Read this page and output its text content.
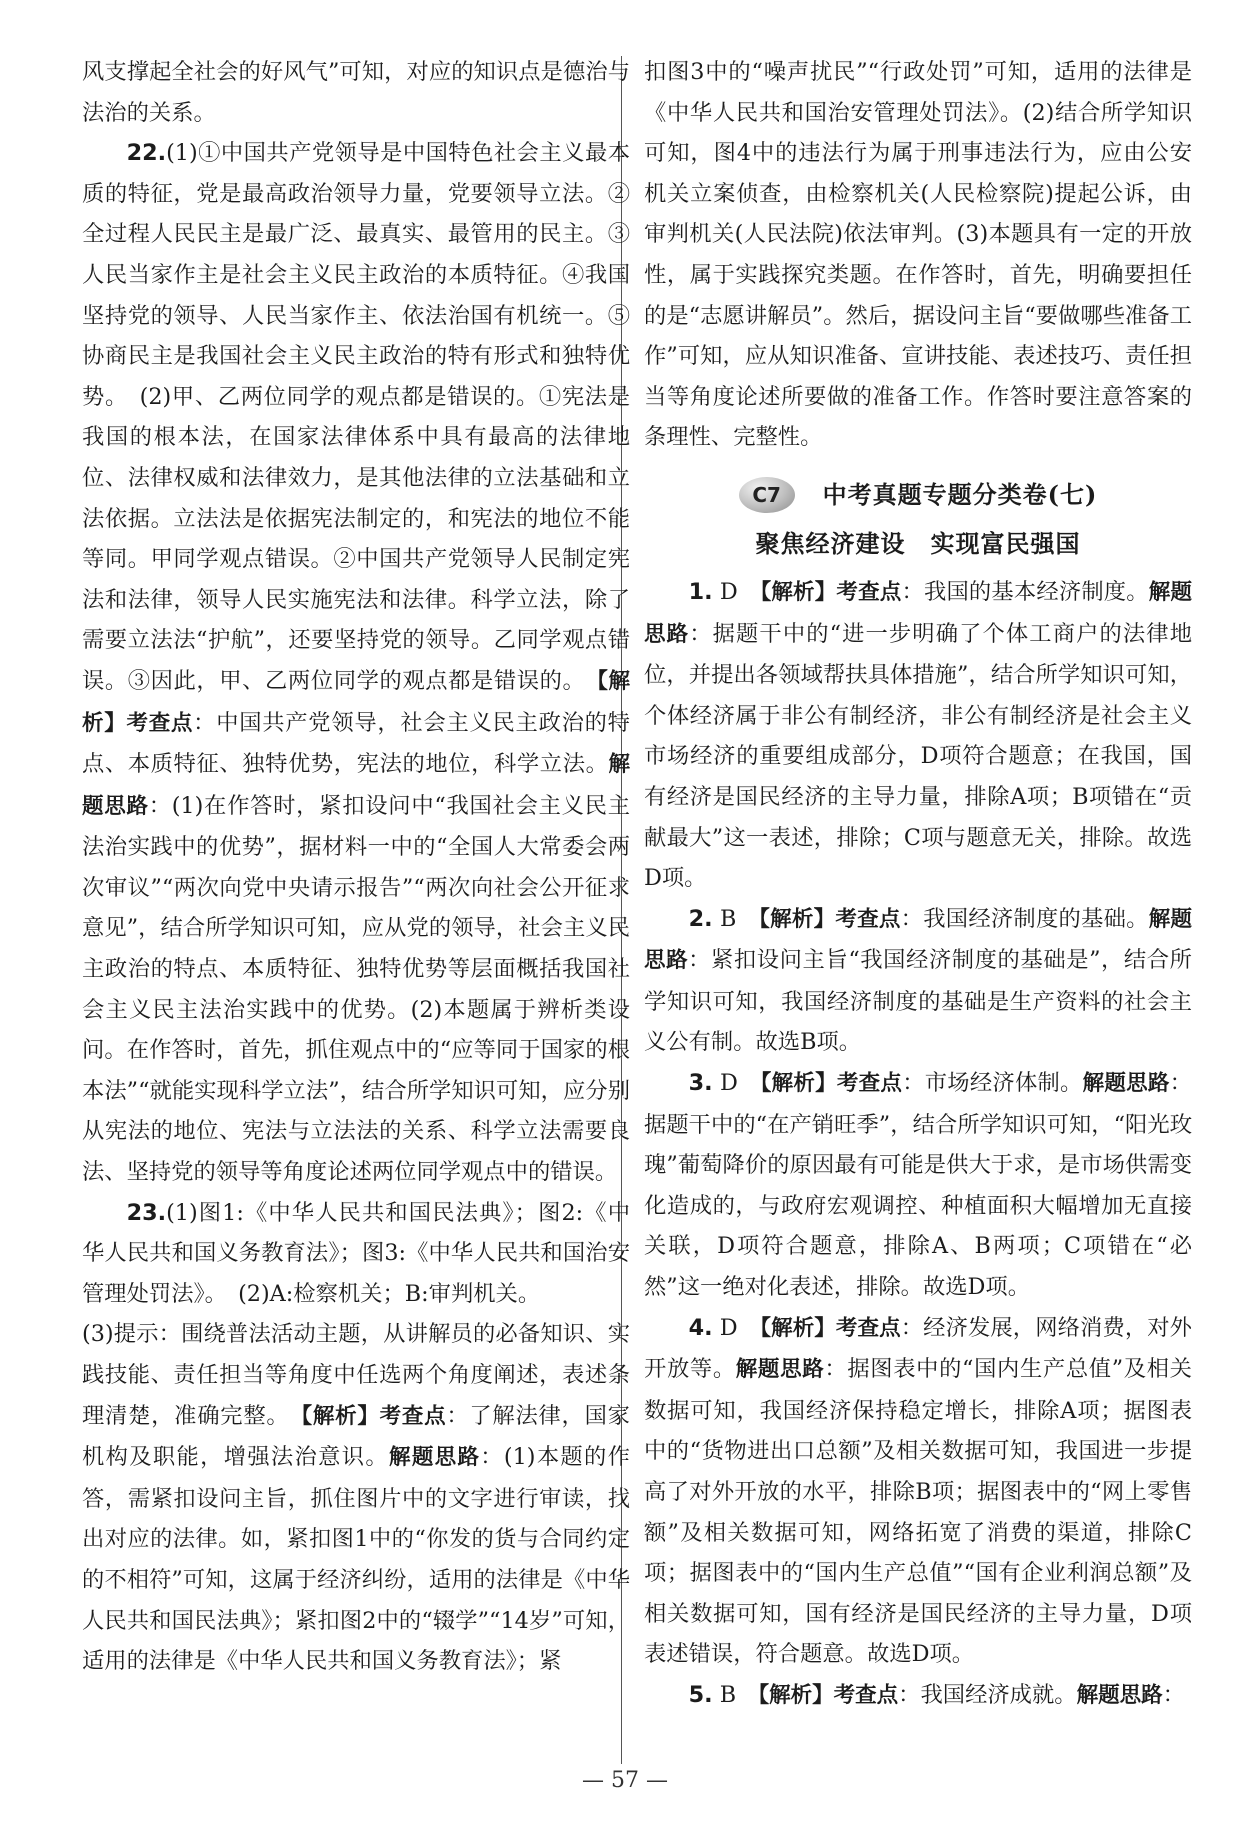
风支撑起全社会的好风气”可知，对应的知识点是德治与法治的关系。

22.(1)①中国共产党领导是中国特色社会主义最本质的特征，党是最高政治领导力量，党要领导立法。②全过程人民民主是最广泛、最真实、最管用的民主。③人民当家作主是社会主义民主政治的本质特征。④我国坚持党的领导、人民当家作主、依法治国有机统一。⑤协商民主是我国社会主义民主政治的特有形式和独特优势。　(2)甲、乙两位同学的观点都是错误的。①宪法是我国的根本法，在国家法律体系中具有最高的法律地位、法律权威和法律效力，是其他法律的立法基础和立法依据。立法法是依据宪法制定的，和宪法的地位不能等同。甲同学观点错误。②中国共产党领导人民制定宪法和法律，领导人民实施宪法和法律。科学立法，除了需要立法法“护航”，还要坚持党的领导。乙同学观点错误。③因此，甲、乙两位同学的观点都是错误的。　 【解析】考查点：中国共产党领导，社会主义民主政治的特点、本质特征、独特优势，宪法的地位，科学立法。解题思路：(1)在作答时，紧扣设问中“我国社会主义民主法治实践中的优势”，据材料一中的“全国人大常委会两次审议”“两次向党中央请示报告”“两次向社会公开征求意见”，结合所学知识可知，应从党的领导，社会主义民主政治的特点、本质特征、独特优势等层面概括我国社会主义民主法治实践中的优势。(2)本题属于辨析类设问。在作答时，首先，抓住观点中的“应等同于国家的根本法”“就能实现科学立法”，结合所学知识可知，应分别从宪法的地位、宪法与立法法的关系、科学立法需要良法、坚持党的领导等角度论述两位同学观点中的错误。

23.(1)图1:《中华人民共和国民法典》；图2:《中华人民共和国义务教育法》；图3:《中华人民共和国治安管理处罚法》。　(2)A:检察机关；B:审判机关。

(3)提示：围绕普法活动主题，从讲解员的必备知识、实践技能、责任担当等角度中任选两个角度阐述，表述条理清楚，准确完整。　 【解析】考查点：了解法律，国家机构及职能，增强法治意识。解题思路：(1)本题的作答，需紧扣设问主旨，抓住图片中的文字进行审读，找出对应的法律。如，紧扣图1中的“你发的货与合同约定的不相符”可知，这属于经济纠纷，适用的法律是《中华人民共和国民法典》；紧扣图2中的“辍学”“14岁”可知，适用的法律是《中华人民共和国义务教育法》；紧

扣图3中的“噪声扰民”“行政处罚”可知，适用的法律是《中华人民共和国治安管理处罚法》。(2)结合所学知识可知，图4中的违法行为属于刑事违法行为，应由公安机关立案侦查，由检察机关(人民检察院)提起公诉，由审判机关(人民法院)依法审判。(3)本题具有一定的开放性，属于实践探究类题。在作答时，首先，明确要担任的是“志愿讲解员”。然后，据设问主旨“要做哪些准备工作”可知，应从知识准备、宣讲技能、表述技巧、责任担当等角度论述所要做的准备工作。作答时要注意答案的条理性、完整性。

C7	中考真题专题分类卷(七)
聚焦经济建设　实现富民强国

1. D　 【解析】考查点：我国的基本经济制度。解题思路：据题干中的“进一步明确了个体工商户的法律地位，并提出各领域帮扶具体措施”，结合所学知识可知，个体经济属于非公有制经济，非公有制经济是社会主义市场经济的重要组成部分，D项符合题意；在我国，国有经济是国民经济的主导力量，排除A项；B项错在“贡献最大”这一表述，排除；C项与题意无关，排除。故选D项。

2. B　 【解析】考查点：我国经济制度的基础。解题思路：紧扣设问主旨“我国经济制度的基础是”，结合所学知识可知，我国经济制度的基础是生产资料的社会主义公有制。故选B项。

3. D　 【解析】考查点：市场经济体制。解题思路：据题干中的“在产销旺季”，结合所学知识可知，“阳光玫瑰”葡萄降价的原因最有可能是供大于求，是市场供需变化造成的，与政府宏观调控、种植面积大幅增加无直接关联，D项符合题意，排除A、B两项；C项错在“必然”这一绝对化表述，排除。故选D项。

4. D　 【解析】考查点：经济发展，网络消费，对外开放等。解题思路：据图表中的“国内生产总值”及相关数据可知，我国经济保持稳定增长，排除A项；据图表中的“货物进出口总额”及相关数据可知，我国进一步提高了对外开放的水平，排除B项；据图表中的“网上零售额”及相关数据可知，网络拓宽了消费的渠道，排除C项；据图表中的“国内生产总值”“国有企业利润总额”及相关数据可知，国有经济是国民经济的主导力量，D项表述错误，符合题意。故选D项。

5. B　 【解析】考查点：我国经济成就。解题思路：

— 57 —
